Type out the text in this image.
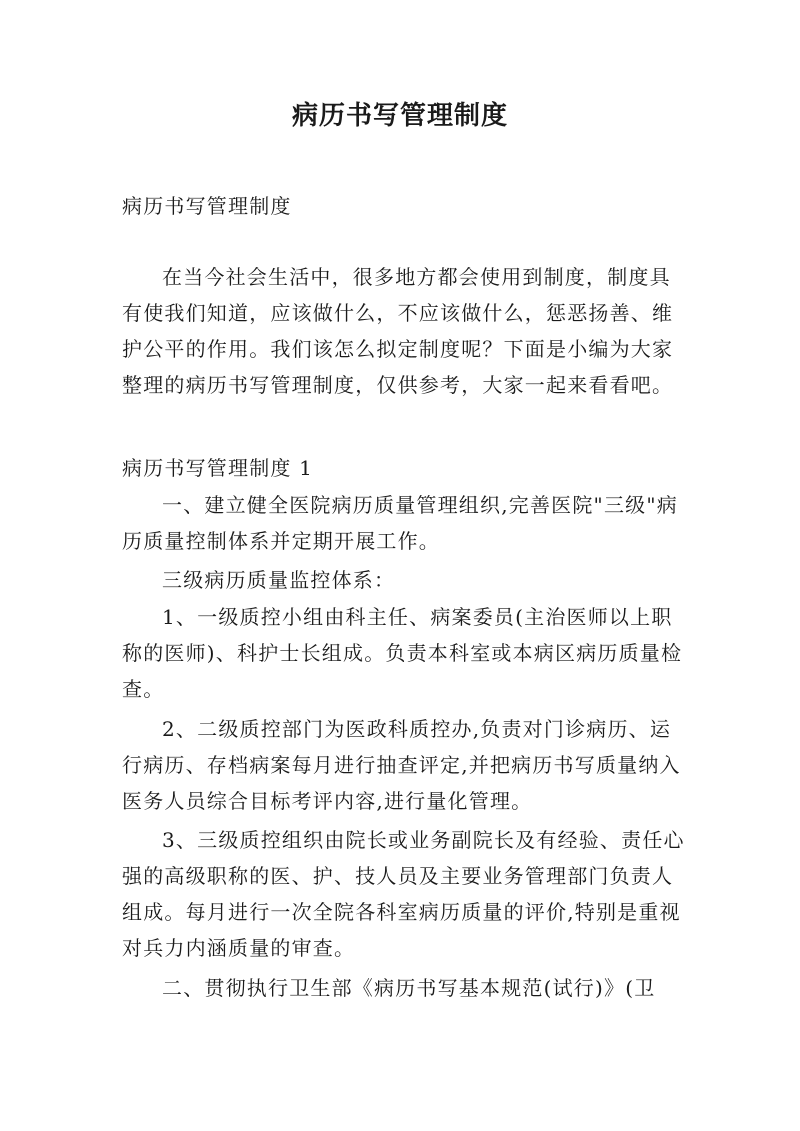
病历书写管理制度

病历书写管理制度

在当今社会生活中，很多地方都会使用到制度，制度具有使我们知道，应该做什么，不应该做什么，惩恶扬善、维护公平的作用。我们该怎么拟定制度呢？下面是小编为大家整理的病历书写管理制度，仅供参考，大家一起来看看吧。

病历书写管理制度 1

一、建立健全医院病历质量管理组织,完善医院"三级"病历质量控制体系并定期开展工作。

三级病历质量监控体系：

1、一级质控小组由科主任、病案委员(主治医师以上职称的医师)、科护士长组成。负责本科室或本病区病历质量检查。

2、二级质控部门为医政科质控办,负责对门诊病历、运行病历、存档病案每月进行抽查评定,并把病历书写质量纳入医务人员综合目标考评内容,进行量化管理。

3、三级质控组织由院长或业务副院长及有经验、责任心强的高级职称的医、护、技人员及主要业务管理部门负责人组成。每月进行一次全院各科室病历质量的评价,特别是重视对兵力内涵质量的审查。

二、贯彻执行卫生部《病历书写基本规范(试行)》(卫
